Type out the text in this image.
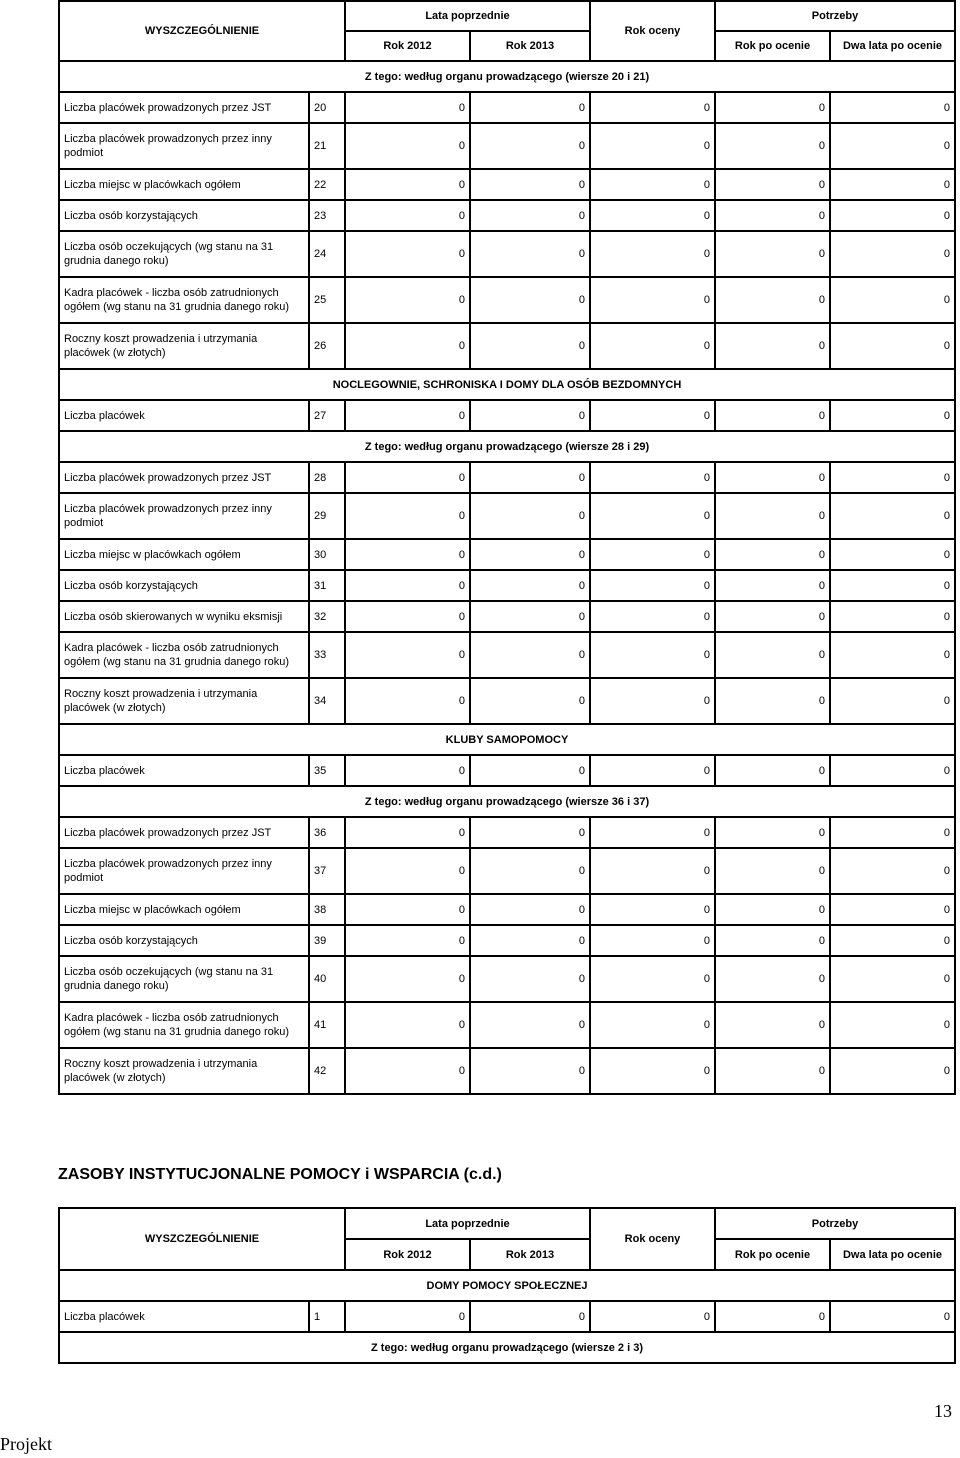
WYSZCZEGÓLNIENIE		Lata poprzednie		Rok oceny	Potrzeby	
		Rok 2012	Rok 2013		Rok po ocenie	Dwa lata po ocenie
Z tego: według organu prowadzącego (wiersze 20 i 21)						
Liczba placówek prowadzonych przez JST	20	0	0	0	0	0
Liczba placówek prowadzonych przez inny podmiot	21	0	0	0	0	0
Liczba miejsc w placówkach ogółem	22	0	0	0	0	0
Liczba osób korzystających	23	0	0	0	0	0
Liczba osób oczekujących (wg stanu na 31 grudnia danego roku)	24	0	0	0	0	0
Kadra placówek - liczba osób zatrudnionych ogółem (wg stanu na 31 grudnia danego roku)	25	0	0	0	0	0
Roczny koszt prowadzenia i utrzymania placówek (w złotych)	26	0	0	0	0	0
NOCLEGOWNIE, SCHRONISKA I DOMY DLA OSÓB BEZDOMNYCH						
Liczba placówek	27	0	0	0	0	0
Z tego: według organu prowadzącego (wiersze 28 i 29)						
Liczba placówek prowadzonych przez JST	28	0	0	0	0	0
Liczba placówek prowadzonych przez inny podmiot	29	0	0	0	0	0
Liczba miejsc w placówkach ogółem	30	0	0	0	0	0
Liczba osób korzystających	31	0	0	0	0	0
Liczba osób skierowanych w wyniku eksmisji	32	0	0	0	0	0
Kadra placówek - liczba osób zatrudnionych ogółem (wg stanu na 31 grudnia danego roku)	33	0	0	0	0	0
Roczny koszt prowadzenia i utrzymania placówek (w złotych)	34	0	0	0	0	0
KLUBY SAMOPOMOCY						
Liczba placówek	35	0	0	0	0	0
Z tego: według organu prowadzącego (wiersze 36 i 37)						
Liczba placówek prowadzonych przez JST	36	0	0	0	0	0
Liczba placówek prowadzonych przez inny podmiot	37	0	0	0	0	0
Liczba miejsc w placówkach ogółem	38	0	0	0	0	0
Liczba osób korzystających	39	0	0	0	0	0
Liczba osób oczekujących (wg stanu na 31 grudnia danego roku)	40	0	0	0	0	0
Kadra placówek - liczba osób zatrudnionych ogółem (wg stanu na 31 grudnia danego roku)	41	0	0	0	0	0
Roczny koszt prowadzenia i utrzymania placówek (w złotych)	42	0	0	0	0	0
ZASOBY INSTYTUCJONALNE POMOCY i WSPARCIA (c.d.)
WYSZCZEGÓLNIENIE		Lata poprzednie		Rok oceny	Potrzeby	
		Rok 2012	Rok 2013		Rok po ocenie	Dwa lata po ocenie
DOMY POMOCY SPOŁECZNEJ						
Liczba placówek	1	0	0	0	0	0
Z tego: według organu prowadzącego (wiersze 2 i 3)						
13
Projekt
